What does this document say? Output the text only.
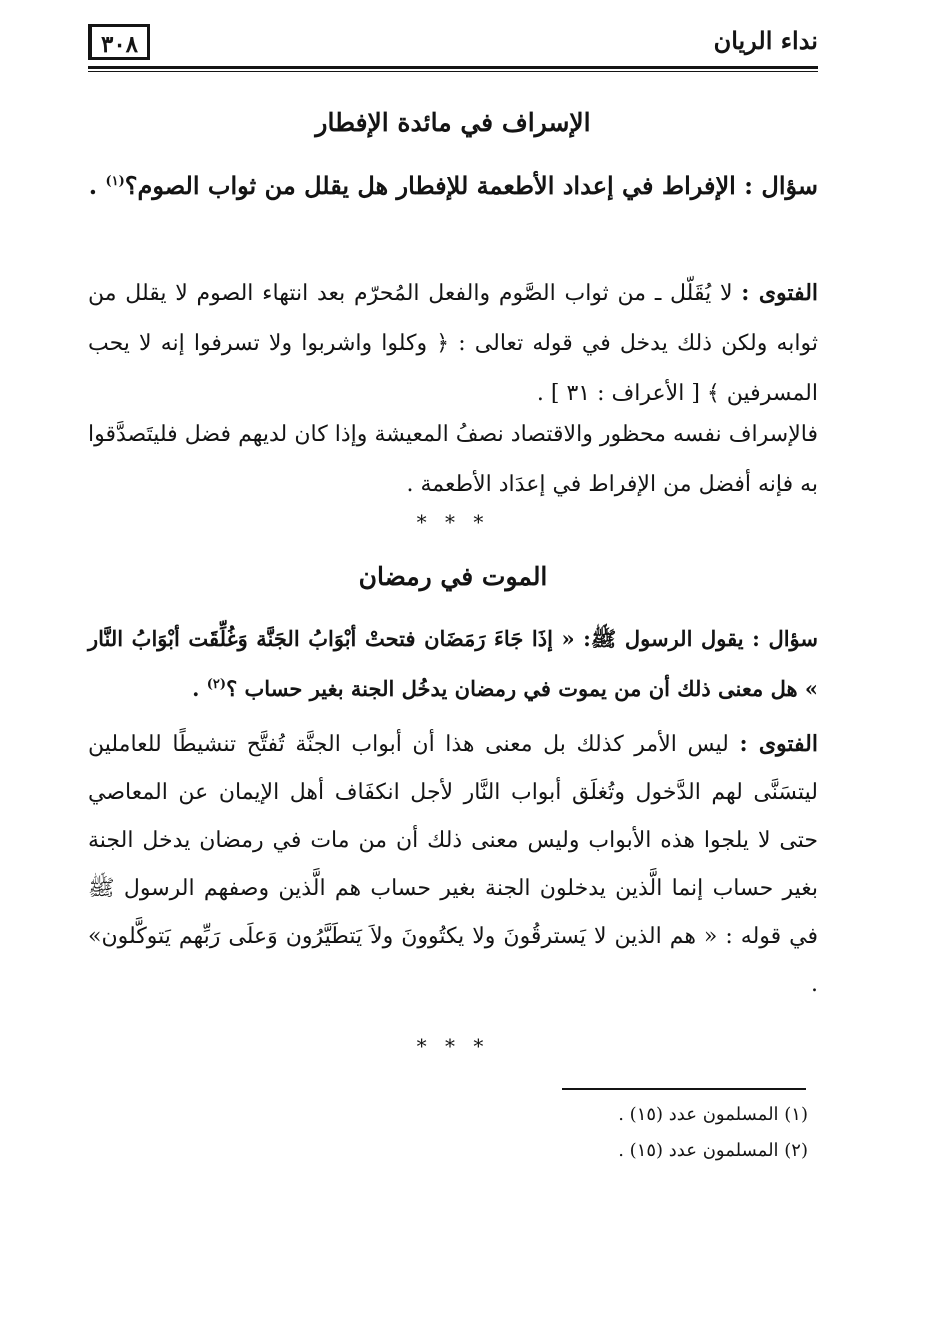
نداء الريان
٣٠٨
الإسراف في مائدة الإفطار
سؤال : الإفراط في إعداد الأطعمة للإفطار هل يقلل من ثواب الصوم؟$^{(١)}$ .
الفتوى : لا يُقَلّل ـ من ثواب الصَّوم والفعل المُحرّم بعد انتهاء الصوم لا يقلل من ثوابه ولكن ذلك يدخل في قوله تعالى : ﴿ وكلوا واشربوا ولا تسرفوا إنه لا يحب المسرفين ﴾ [ الأعراف : ٣١ ] .
فالإسراف نفسه محظور والاقتصاد نصفُ المعيشة وإذا كان لديهم فضل فليتَصدَّقوا به فإنه أفضل من الإفراط في إعدَاد الأطعمة .
* * *
الموت في رمضان
سؤال : يقول الرسول ﷺ: « إذَا جَاءَ رَمَضَان فتحتْ أبْوَابُ الجَنَّة وَغُلِّقَت أبْوَابُ النَّار » هل معنى ذلك أن من يموت في رمضان يدخُل الجنة بغير حساب ؟$^{(٢)}$ .
الفتوى : ليس الأمر كذلك بل معنى هذا أن أبواب الجنَّة تُفتَّح تنشيطًا للعاملين ليتسَنَّى لهم الدَّخول وتُغلَق أبواب النَّار لأجل انكفَاف أهل الإيمان عن المعاصي حتى لا يلجوا هذه الأبواب وليس معنى ذلك أن من مات في رمضان يدخل الجنة بغير حساب إنما الَّذين يدخلون الجنة بغير حساب هم الَّذين وصفهم الرسول ﷺ في قوله : « هم الذين لا يَسترقُونَ ولا يكتُوونَ ولاَ يَتطَيَّرُون وَعلَى رَبِّهم يَتوكَّلون» .
* * *
(١) المسلمون عدد (١٥) .
(٢) المسلمون عدد (١٥) .
